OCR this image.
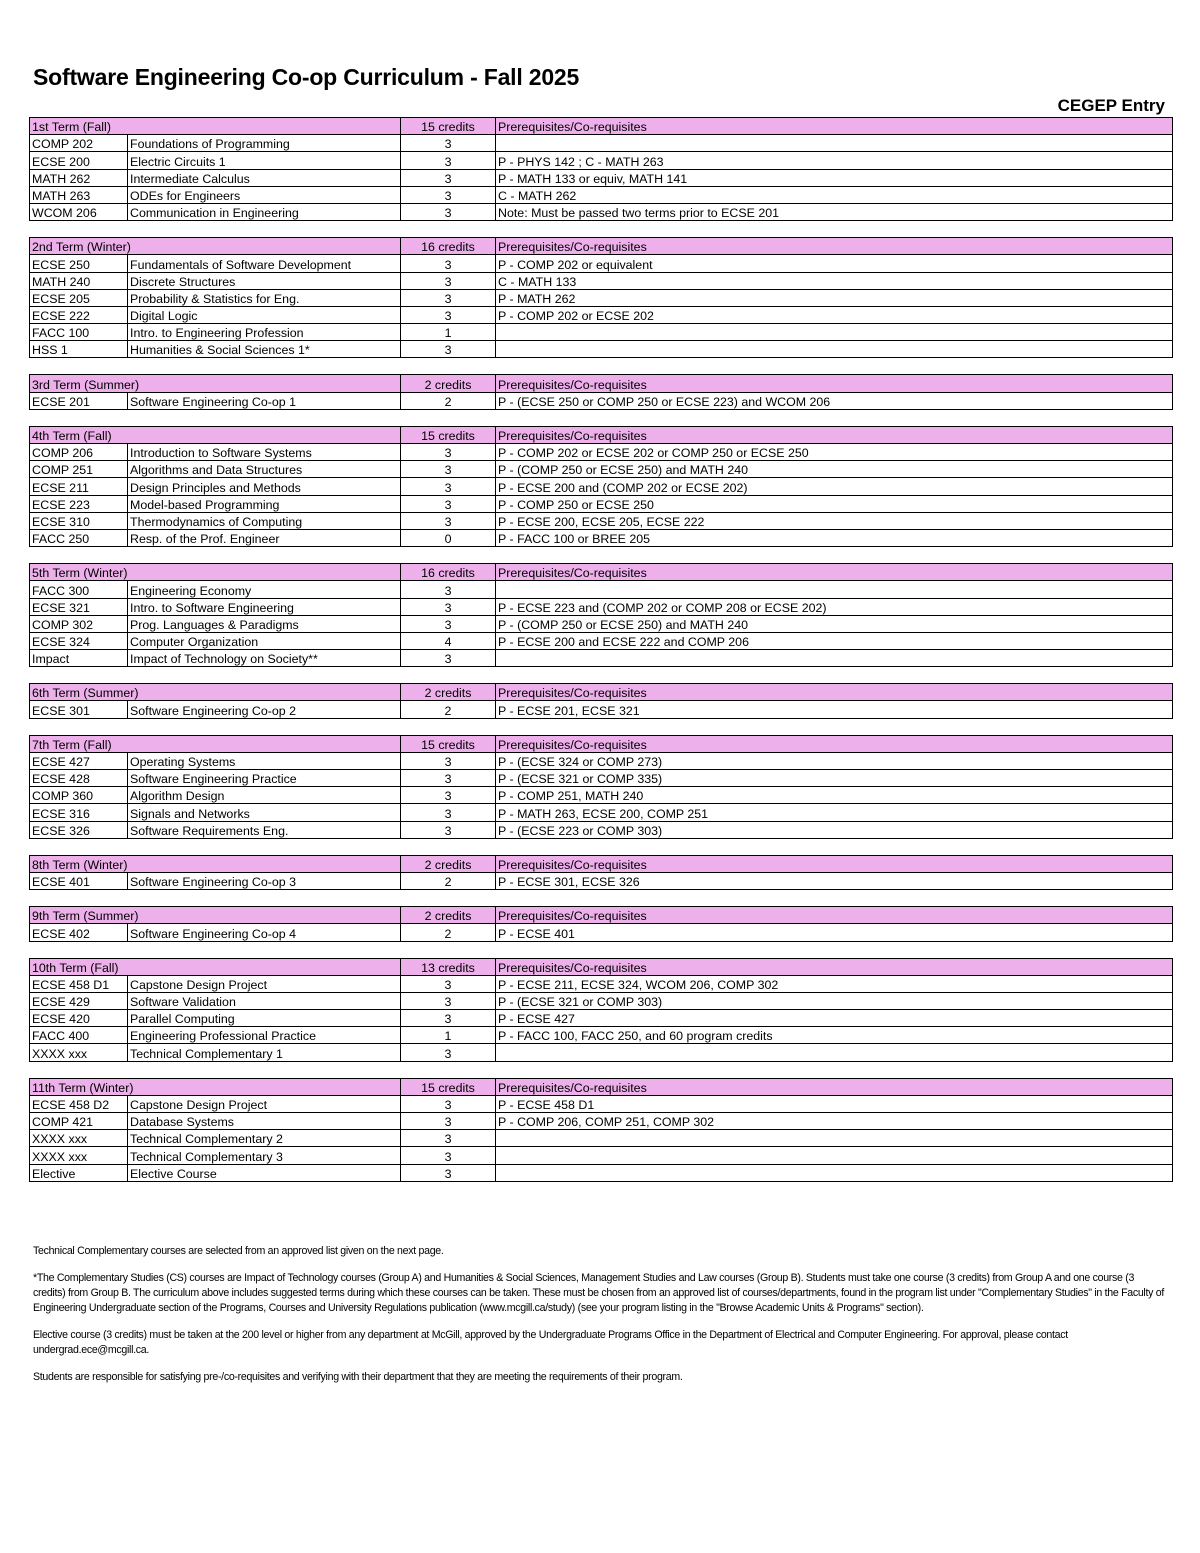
Software Engineering Co-op Curriculum - Fall 2025
CEGEP Entry
1st Term (Fall)		15 credits	Prerequisites/Co-requisites
COMP 202	Foundations of Programming	3	
ECSE 200	Electric Circuits 1	3	P - PHYS 142 ; C - MATH 263
MATH 262	Intermediate Calculus	3	P - MATH 133 or equiv, MATH 141
MATH 263	ODEs for Engineers	3	C - MATH 262
WCOM 206	Communication in Engineering	3	Note: Must be passed two terms prior to ECSE 201
2nd Term (Winter)		16 credits	Prerequisites/Co-requisites
ECSE 250	Fundamentals of Software Development	3	P - COMP 202 or equivalent
MATH 240	Discrete Structures	3	C - MATH 133
ECSE 205	Probability & Statistics for Eng.	3	P - MATH 262
ECSE 222	Digital Logic	3	P - COMP 202 or ECSE 202
FACC 100	Intro. to Engineering Profession	1	
HSS 1	Humanities & Social Sciences 1*	3	
3rd Term (Summer)		2 credits	Prerequisites/Co-requisites
ECSE 201	Software Engineering Co-op 1	2	P - (ECSE 250 or COMP 250 or ECSE 223) and WCOM 206
4th Term (Fall)		15 credits	Prerequisites/Co-requisites
COMP 206	Introduction to Software Systems	3	P - COMP 202 or ECSE 202 or COMP 250 or ECSE 250
COMP 251	Algorithms and Data Structures	3	P - (COMP 250 or ECSE 250) and MATH 240
ECSE 211	Design Principles and Methods	3	P - ECSE 200 and (COMP 202 or ECSE 202)
ECSE 223	Model-based Programming	3	P - COMP 250 or ECSE 250
ECSE 310	Thermodynamics of Computing	3	P - ECSE 200, ECSE 205, ECSE 222
FACC 250	Resp. of the Prof. Engineer	0	P - FACC 100 or BREE 205
5th Term (Winter)		16 credits	Prerequisites/Co-requisites
FACC 300	Engineering Economy	3	
ECSE 321	Intro. to Software Engineering	3	P - ECSE 223 and (COMP 202 or COMP 208 or ECSE 202)
COMP 302	Prog. Languages & Paradigms	3	P - (COMP 250 or ECSE 250) and MATH 240
ECSE 324	Computer Organization	4	P - ECSE 200 and ECSE 222 and COMP 206
Impact	Impact of Technology on Society**	3	
6th Term (Summer)		2 credits	Prerequisites/Co-requisites
ECSE 301	Software Engineering Co-op 2	2	P - ECSE 201, ECSE 321
7th Term (Fall)		15 credits	Prerequisites/Co-requisites
ECSE 427	Operating Systems	3	P - (ECSE 324 or COMP 273)
ECSE 428	Software Engineering Practice	3	P - (ECSE 321 or COMP 335)
COMP 360	Algorithm Design	3	P - COMP 251, MATH 240
ECSE 316	Signals and Networks	3	P - MATH 263, ECSE 200, COMP 251
ECSE 326	Software Requirements Eng.	3	P - (ECSE 223 or COMP 303)
8th Term (Winter)		2 credits	Prerequisites/Co-requisites
ECSE 401	Software Engineering Co-op 3	2	P - ECSE 301, ECSE 326
9th Term (Summer)		2 credits	Prerequisites/Co-requisites
ECSE 402	Software Engineering Co-op 4	2	P - ECSE 401
10th Term (Fall)		13 credits	Prerequisites/Co-requisites
ECSE 458 D1	Capstone Design Project	3	P - ECSE 211, ECSE 324, WCOM 206, COMP 302
ECSE 429	Software Validation	3	P - (ECSE 321 or COMP 303)
ECSE 420	Parallel Computing	3	P - ECSE 427
FACC 400	Engineering Professional Practice	1	P - FACC 100, FACC 250, and 60 program credits
XXXX xxx	Technical Complementary 1	3	
11th Term (Winter)		15 credits	Prerequisites/Co-requisites
ECSE 458 D2	Capstone Design Project	3	P - ECSE 458 D1
COMP 421	Database Systems	3	P - COMP 206, COMP 251, COMP 302
XXXX xxx	Technical Complementary 2	3	
XXXX xxx	Technical Complementary 3	3	
Elective	Elective Course	3	

Technical Complementary courses are selected from an approved list given on the next page.

*The Complementary Studies (CS) courses are Impact of Technology courses (Group A) and Humanities & Social Sciences, Management Studies and Law courses (Group B). Students must take one course (3 credits) from Group A and one course (3 credits) from Group B. The curriculum above includes suggested terms during which these courses can be taken. These must be chosen from an approved list of courses/departments, found in the program list under "Complementary Studies" in the Faculty of Engineering Undergraduate section of the Programs, Courses and University Regulations publication (www.mcgill.ca/study) (see your program listing in the "Browse Academic Units & Programs" section).

Elective course (3 credits) must be taken at the 200 level or higher from any department at McGill, approved by the Undergraduate Programs Office in the Department of Electrical and Computer Engineering. For approval, please contact undergrad.ece@mcgill.ca.

Students are responsible for satisfying pre-/co-requisites and verifying with their department that they are meeting the requirements of their program.
